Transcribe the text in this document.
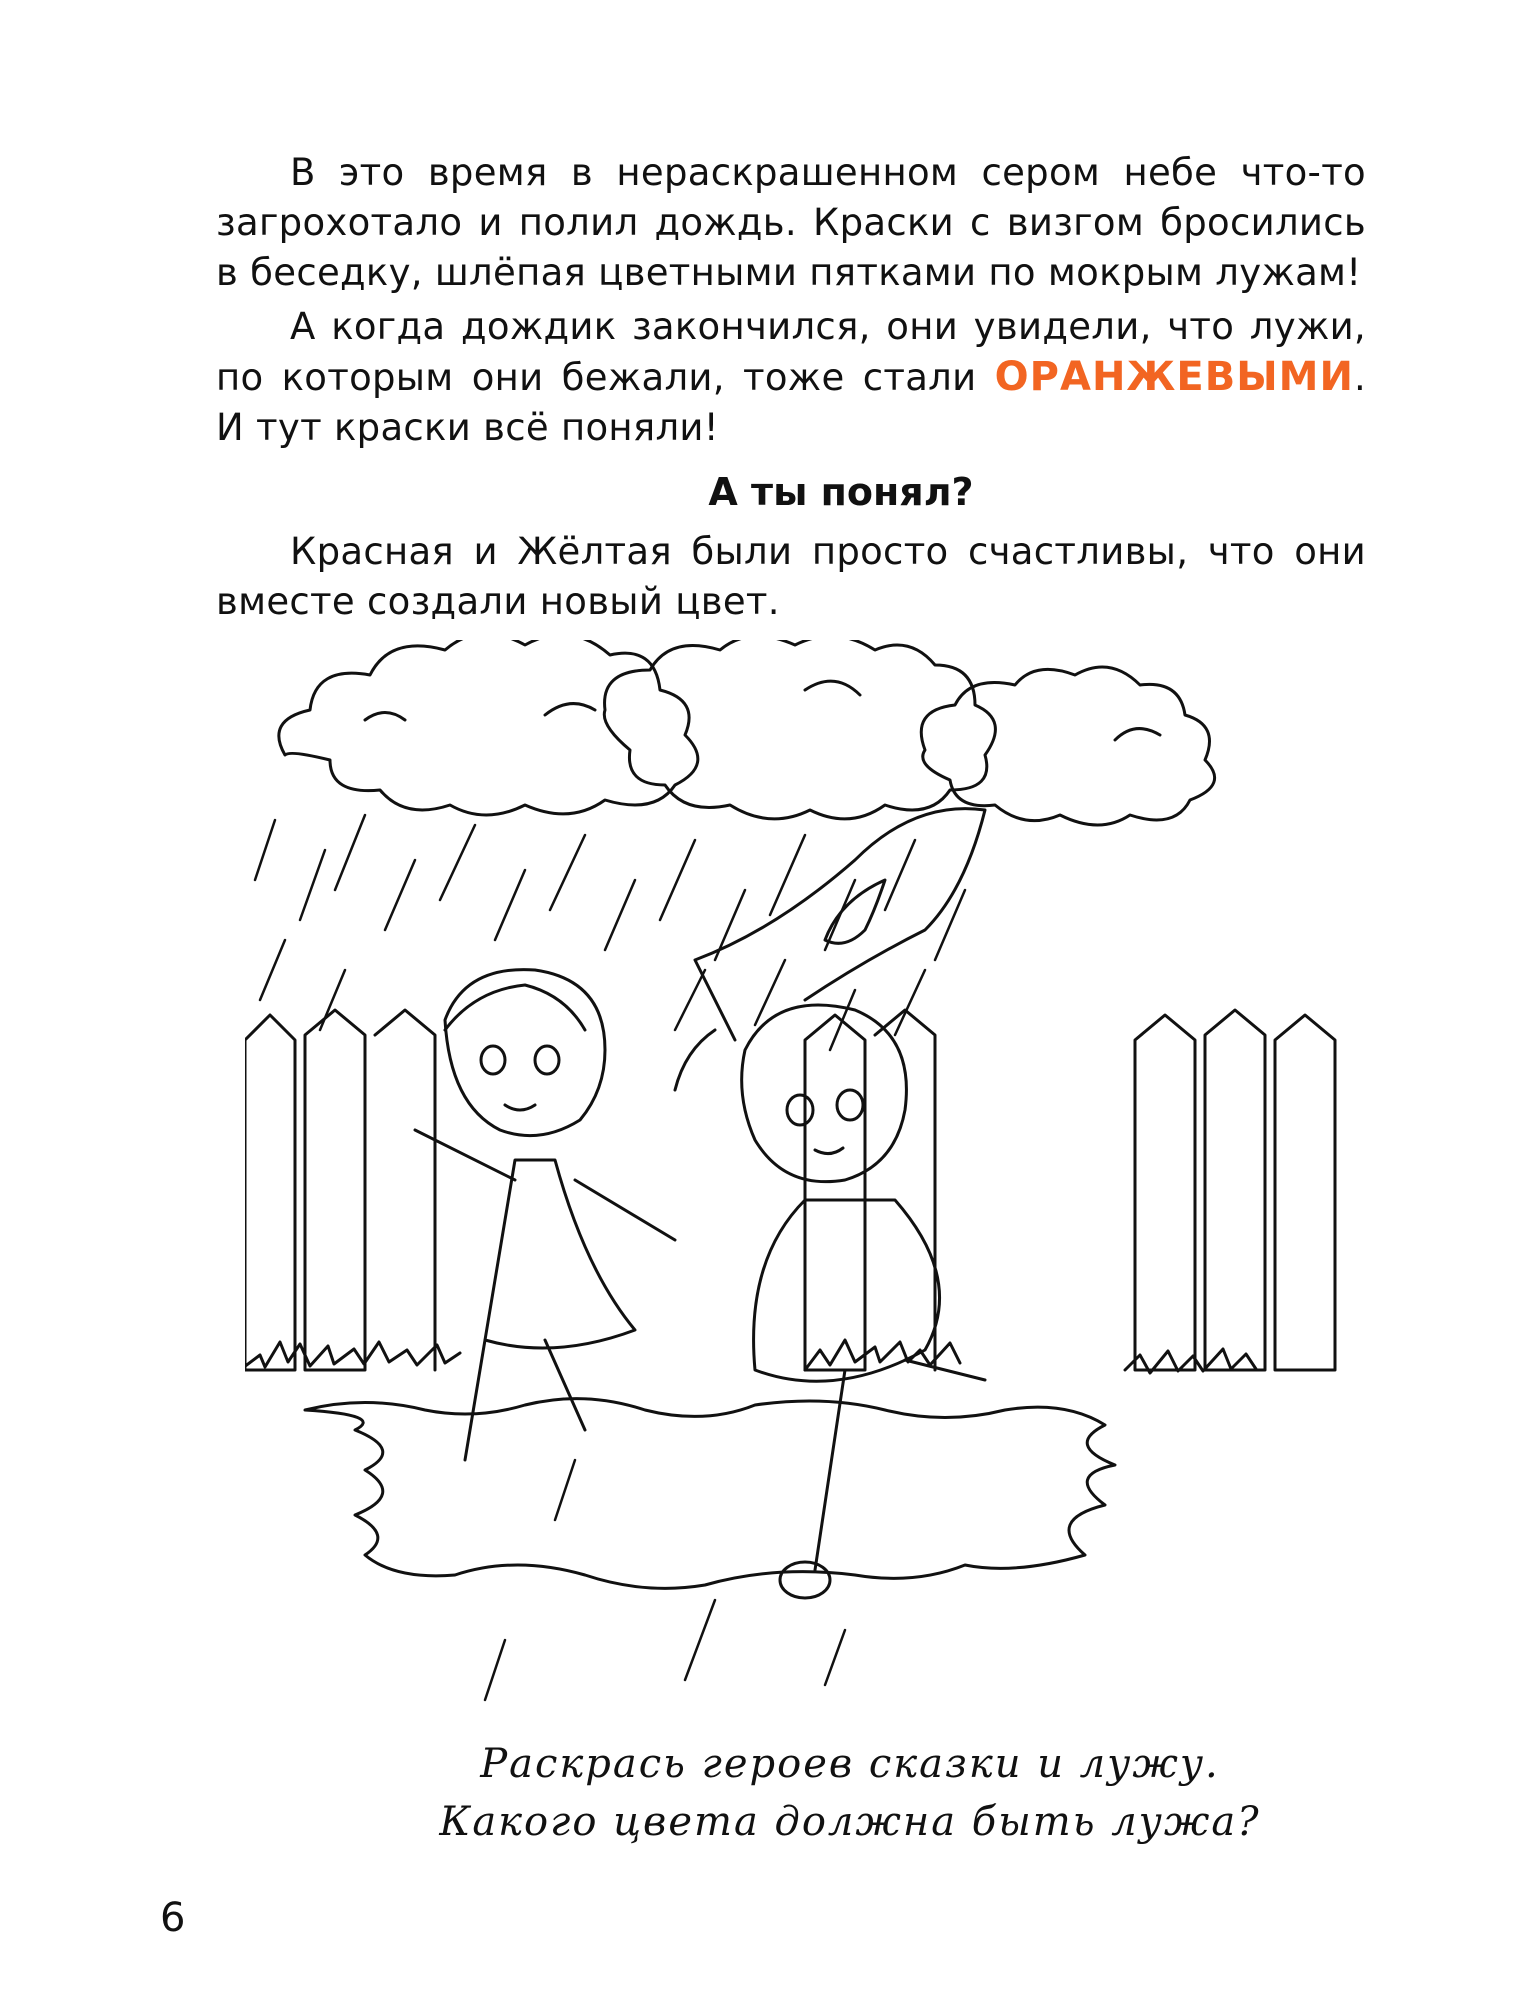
В это время в нераскрашенном сером небе что-то загрохотало и полил дождь. Краски с визгом бросились в беседку, шлёпая цветными пятками по мокрым лужам!

А когда дождик закончился, они увидели, что лужи, по которым они бежали, тоже стали ОРАНЖЕВЫМИ. И тут краски всё поняли!

А ты понял?

Красная и Жёлтая были просто счастливы, что они вместе создали новый цвет.

Раскрась героев сказки и лужу.
Какого цвета должна быть лужа?
6
